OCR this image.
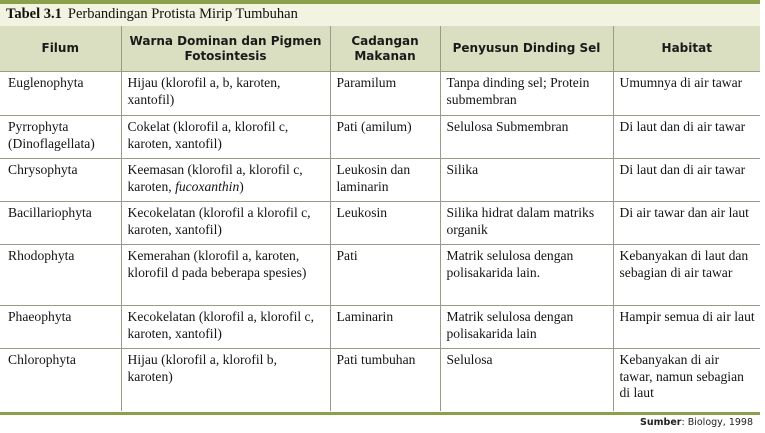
Tabel 3.1 Perbandingan Protista Mirip Tumbuhan
Filum	Warna Dominan dan Pigmen Fotosintesis	Cadangan Makanan	Penyusun Dinding Sel	Habitat
Euglenophyta	Hijau (klorofil a, b, karoten, xantofil)	Paramilum	Tanpa dinding sel; Protein submembran	Umumnya di air tawar
Pyrrophyta (Dinoflagellata)	Cokelat (klorofil a, klorofil c, karoten, xantofil)	Pati (amilum)	Selulosa Submembran	Di laut dan di air tawar
Chrysophyta	Keemasan (klorofil a, klorofil c, karoten, fucoxanthin)	Leukosin dan laminarin	Silika	Di laut dan di air tawar
Bacillariophyta	Kecokelatan (klorofil a klorofil c, karoten, xantofil)	Leukosin	Silika hidrat dalam matriks organik	Di air tawar dan air laut
Rhodophyta	Kemerahan (klorofil a, karoten, klorofil d pada beberapa spesies)	Pati	Matrik selulosa dengan polisakarida lain.	Kebanyakan di laut dan sebagian di air tawar
Phaeophyta	Kecokelatan (klorofil a, klorofil c, karoten, xantofil)	Laminarin	Matrik selulosa dengan polisakarida lain	Hampir semua di air laut
Chlorophyta	Hijau (klorofil a, klorofil b, karoten)	Pati tumbuhan	Selulosa	Kebanyakan di air tawar, namun sebagian di laut
Sumber: Biology, 1998
